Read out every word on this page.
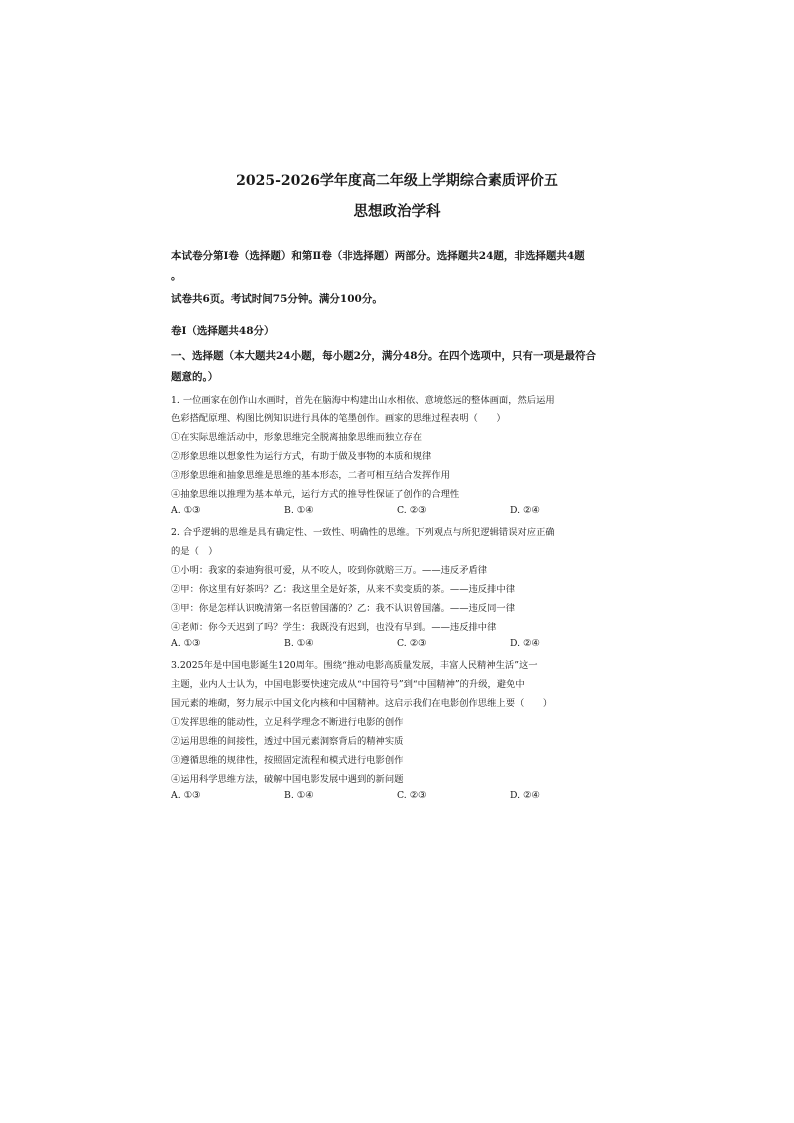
2025-2026学年度高二年级上学期综合素质评价五
思想政治学科
本试卷分第Ⅰ卷（选择题）和第Ⅱ卷（非选择题）两部分。选择题共24题，非选择题共4题
。
试卷共6页。考试时间75分钟。满分100分。
卷Ⅰ（选择题共48分）
一、选择题（本大题共24小题，每小题2分，满分48分。在四个选项中，只有一项是最符合
题意的。）
1. 一位画家在创作山水画时，首先在脑海中构建出山水相依、意境悠远的整体画面，然后运用
色彩搭配原理、构图比例知识进行具体的笔墨创作。画家的思维过程表明（　　）
①在实际思维活动中，形象思维完全脱离抽象思维而独立存在
②形象思维以想象性为运行方式，有助于做及事物的本质和规律
③形象思维和抽象思维是思维的基本形态，二者可相互结合发挥作用
④抽象思维以推理为基本单元，运行方式的推导性保证了创作的合理性
A. ①③	B. ①④	C. ②③	D. ②④
2. 合乎逻辑的思维是具有确定性、一致性、明确性的思维。下列观点与所犯逻辑错误对应正确
的是（　）
①小明：我家的泰迪狗很可爱，从不咬人，咬到你就赔三万。——违反矛盾律
②甲：你这里有好茶吗？乙：我这里全是好茶，从来不卖变质的茶。——违反排中律
③甲：你是怎样认识晚清第一名臣曾国藩的？乙：我不认识曾国藩。——违反同一律
④老师：你今天迟到了吗？学生：我既没有迟到，也没有早到。——违反排中律
A. ①③	B. ①④	C. ②③	D. ②④
3.2025年是中国电影诞生120周年。围绕“推动电影高质量发展，丰富人民精神生活”这一
主题，业内人士认为，中国电影要快速完成从“中国符号”到“中国精神”的升级，避免中
国元素的堆砌，努力展示中国文化内核和中国精神。这启示我们在电影创作思维上要（　　）
①发挥思维的能动性，立足科学理念不断进行电影的创作
②运用思维的间接性，透过中国元素洞察背后的精神实质
③遵循思维的规律性，按照固定流程和模式进行电影创作
④运用科学思维方法，破解中国电影发展中遇到的新问题
A. ①③	B. ①④	C. ②③	D. ②④
